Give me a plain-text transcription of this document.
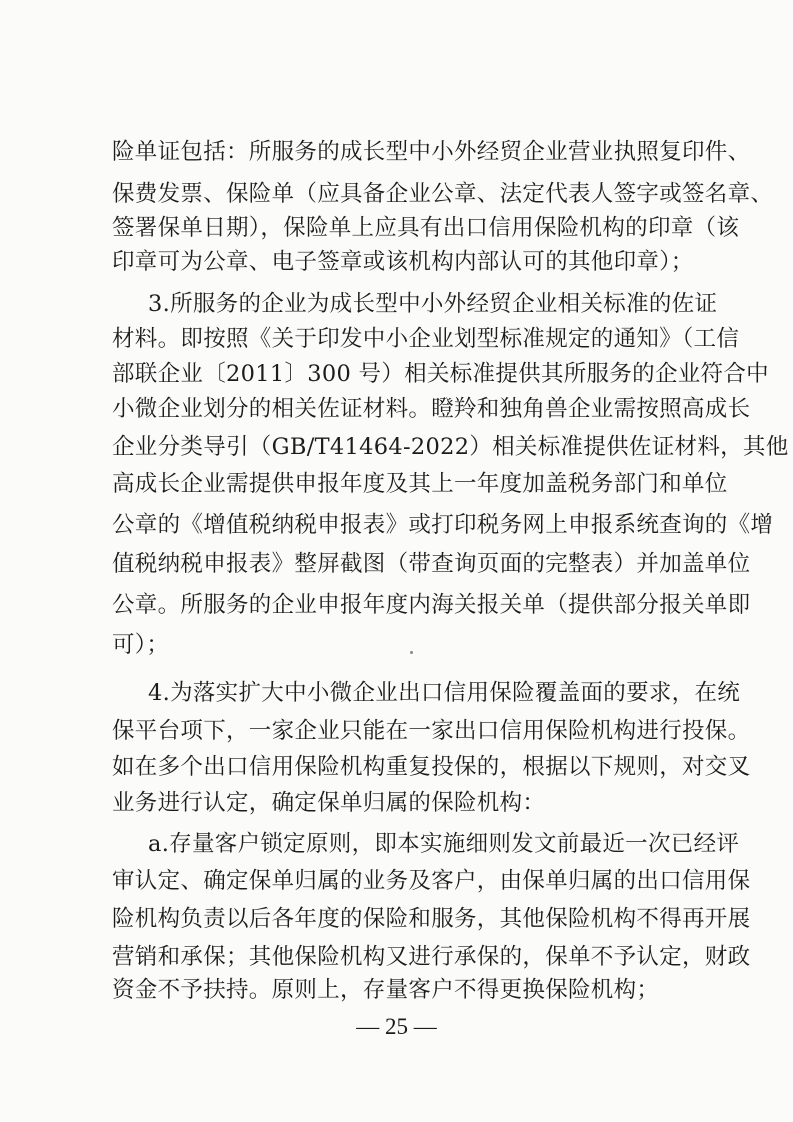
险单证包括：所服务的成长型中小外经贸企业营业执照复印件、
保费发票、保险单（应具备企业公章、法定代表人签字或签名章、
签署保单日期），保险单上应具有出口信用保险机构的印章（该
印章可为公章、电子签章或该机构内部认可的其他印章）；
3.所服务的企业为成长型中小外经贸企业相关标准的佐证
材料。即按照《关于印发中小企业划型标准规定的通知》（工信
部联企业〔2011〕300 号）相关标准提供其所服务的企业符合中
小微企业划分的相关佐证材料。瞪羚和独角兽企业需按照高成长
企业分类导引（GB/T41464-2022）相关标准提供佐证材料，其他
高成长企业需提供申报年度及其上一年度加盖税务部门和单位
公章的《增值税纳税申报表》或打印税务网上申报系统查询的《增
值税纳税申报表》整屏截图（带查询页面的完整表）并加盖单位
公章。所服务的企业申报年度内海关报关单（提供部分报关单即
可）；
4.为落实扩大中小微企业出口信用保险覆盖面的要求，在统
保平台项下，一家企业只能在一家出口信用保险机构进行投保。
如在多个出口信用保险机构重复投保的，根据以下规则，对交叉
业务进行认定，确定保单归属的保险机构：
a.存量客户锁定原则，即本实施细则发文前最近一次已经评
审认定、确定保单归属的业务及客户，由保单归属的出口信用保
险机构负责以后各年度的保险和服务，其他保险机构不得再开展
营销和承保；其他保险机构又进行承保的，保单不予认定，财政
资金不予扶持。原则上，存量客户不得更换保险机构；
— 25 —
